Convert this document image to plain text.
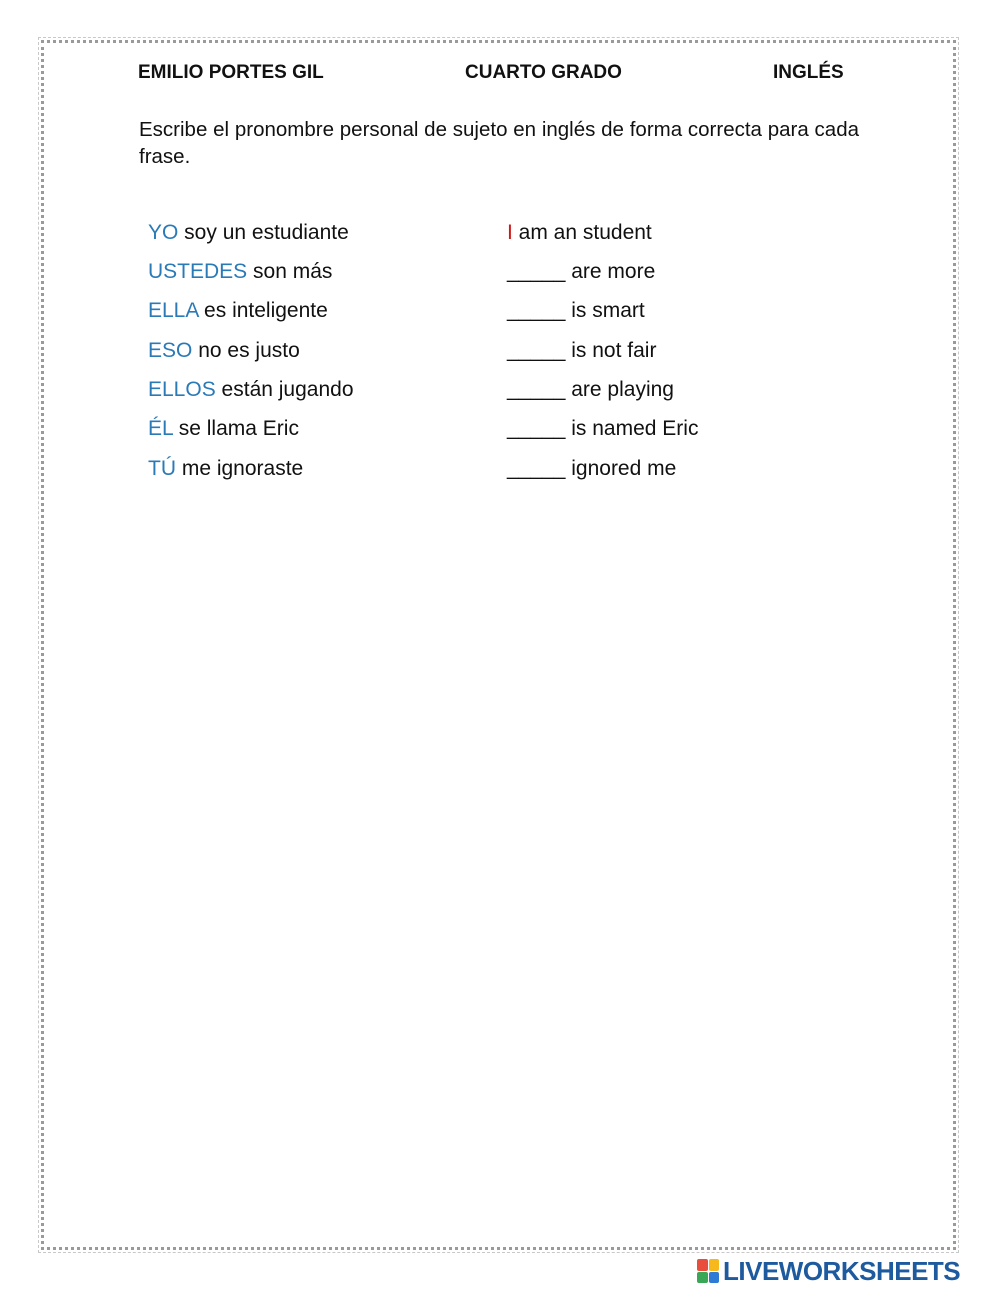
EMILIO PORTES GIL	CUARTO GRADO	INGLÉS
Escribe el pronombre personal de sujeto en inglés de forma correcta para cada frase.
YO soy un estudiante	I am an student
USTEDES son más	_____ are more
ELLA es inteligente	_____ is smart
ESO no es justo	_____ is not fair
ELLOS están jugando	_____ are playing
ÉL se llama Eric	_____ is named Eric
TÚ me ignoraste	_____ ignored me
LIVEWORKSHEETS
